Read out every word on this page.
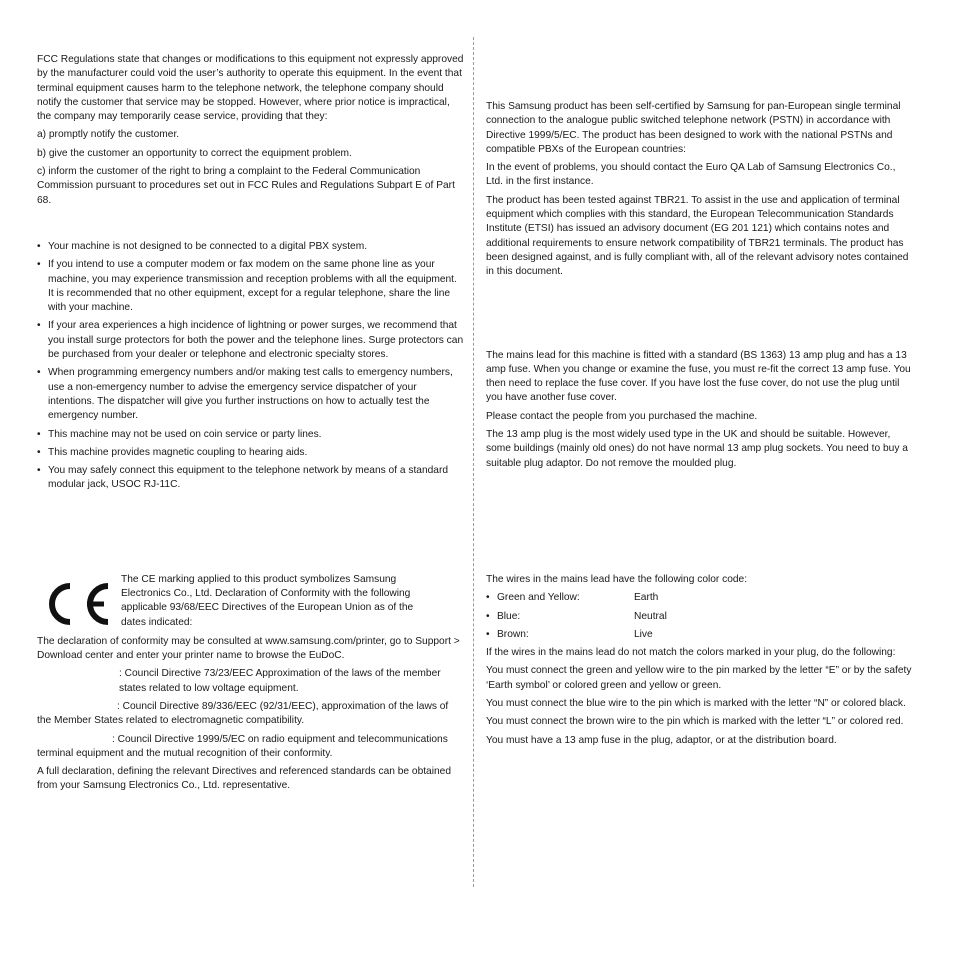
FCC Regulations state that changes or modifications to this equipment not expressly approved by the manufacturer could void the user’s authority to operate this equipment. In the event that terminal equipment causes harm to the telephone network, the telephone company should notify the customer that service may be stopped. However, where prior notice is impractical, the company may temporarily cease service, providing that they:

a) promptly notify the customer.

b) give the customer an opportunity to correct the equipment problem.

c) inform the customer of the right to bring a complaint to the Federal Communication Commission pursuant to procedures set out in FCC Rules and Regulations Subpart E of Part 68.

• Your machine is not designed to be connected to a digital PBX system.
• If you intend to use a computer modem or fax modem on the same phone line as your machine, you may experience transmission and reception problems with all the equipment. It is recommended that no other equipment, except for a regular telephone, share the line with your machine.
• If your area experiences a high incidence of lightning or power surges, we recommend that you install surge protectors for both the power and the telephone lines. Surge protectors can be purchased from your dealer or telephone and electronic specialty stores.
• When programming emergency numbers and/or making test calls to emergency numbers, use a non-emergency number to advise the emergency service dispatcher of your intentions. The dispatcher will give you further instructions on how to actually test the emergency number.
• This machine may not be used on coin service or party lines.
• This machine provides magnetic coupling to hearing aids.
• You may safely connect this equipment to the telephone network by means of a standard modular jack, USOC RJ-11C.
The CE marking applied to this product symbolizes Samsung Electronics Co., Ltd. Declaration of Conformity with the following applicable 93/68/EEC Directives of the European Union as of the dates indicated:

The declaration of conformity may be consulted at www.samsung.com/printer, go to Support > Download center and enter your printer name to browse the EuDoC.

: Council Directive 73/23/EEC Approximation of the laws of the member states related to low voltage equipment.

: Council Directive 89/336/EEC (92/31/EEC), approximation of the laws of the Member States related to electromagnetic compatibility.

: Council Directive 1999/5/EC on radio equipment and telecommunications terminal equipment and the mutual recognition of their conformity.

A full declaration, defining the relevant Directives and referenced standards can be obtained from your Samsung Electronics Co., Ltd. representative.

This Samsung product has been self-certified by Samsung for pan-European single terminal connection to the analogue public switched telephone network (PSTN) in accordance with Directive 1999/5/EC. The product has been designed to work with the national PSTNs and compatible PBXs of the European countries:

In the event of problems, you should contact the Euro QA Lab of Samsung Electronics Co., Ltd. in the first instance.

The product has been tested against TBR21. To assist in the use and application of terminal equipment which complies with this standard, the European Telecommunication Standards Institute (ETSI) has issued an advisory document (EG 201 121) which contains notes and additional requirements to ensure network compatibility of TBR21 terminals. The product has been designed against, and is fully compliant with, all of the relevant advisory notes contained in this document.

The mains lead for this machine is fitted with a standard (BS 1363) 13 amp plug and has a 13 amp fuse. When you change or examine the fuse, you must re-fit the correct 13 amp fuse. You then need to replace the fuse cover. If you have lost the fuse cover, do not use the plug until you have another fuse cover.

Please contact the people from you purchased the machine.

The 13 amp plug is the most widely used type in the UK and should be suitable. However, some buildings (mainly old ones) do not have normal 13 amp plug sockets. You need to buy a suitable plug adaptor. Do not remove the moulded plug.

The wires in the mains lead have the following color code:

• Green and Yellow:	Earth
• Blue:	Neutral
• Brown:	Live

If the wires in the mains lead do not match the colors marked in your plug, do the following:

You must connect the green and yellow wire to the pin marked by the letter “E” or by the safety ‘Earth symbol’ or colored green and yellow or green.

You must connect the blue wire to the pin which is marked with the letter “N” or colored black.

You must connect the brown wire to the pin which is marked with the letter “L” or colored red.

You must have a 13 amp fuse in the plug, adaptor, or at the distribution board.
